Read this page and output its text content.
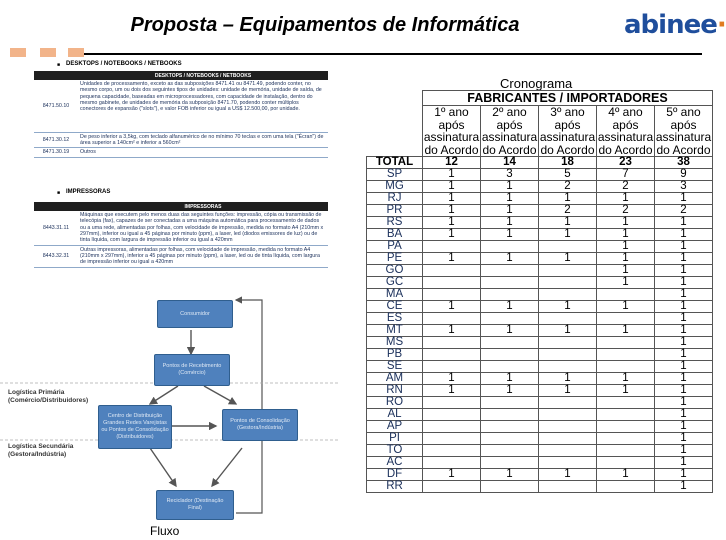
Proposta – Equipamentos de Informática	abinee·
■ DESKTOPS / NOTEBOOKS / NETBOOKS
	DESKTOPS / NOTEBOOKS / NETBOOKS
8471.50.10	Unidades de processamento, exceto as das subposições 8471.41 ou 8471.49, podendo conter, no mesmo corpo, um ou dois dos seguintes tipos de unidades: unidade de memória, unidade de saída, de pequena capacidade, baseadas em microprocessadores, com capacidade de instalação, dentro do mesmo gabinete, de unidades de memória da subposição 8471.70, podendo conter múltiplos conectores de expansão ("slots"), e valor FOB inferior ou igual a US$ 12.500,00, por unidade.
8471.30.12	De peso inferior a 3,5kg, com teclado alfanumérico de no mínimo 70 teclas e com uma tela ("Écran") de área superior a 140cm² e inferior a 560cm²
8471.30.19	Outros
■ IMPRESSORAS
	IMPRESSORAS
8443.31.11	Máquinas que executem pelo menos duas das seguintes funções: impressão, cópia ou transmissão de telecópia (fax), capazes de ser conectadas a uma máquina automática para processamento de dados ou a uma rede, alimentadas por folhas, com velocidade de impressão, medida no formato A4 (210mm x 297mm), inferior ou igual a 45 páginas por minuto (ppm), a laser, led (diodos emissores de luz) ou de tinta líquida, com largura de impressão inferior ou igual a 420mm
8443.32.31	Outras impressoras, alimentadas por folhas, com velocidade de impressão, medida no formato A4 (210mm x 297mm), inferior a 45 páginas por minuto (ppm), a laser, led ou de tinta líquida, com largura de impressão inferior ou igual a 420mm
Consumidor
Pontos de Recebimento (Comércio)
Centro de Distribuição Grandes Redes Varejistas ou Pontos de Consolidação (Distribuidores)
Pontos de Consolidação (Gestora/Indústria)
Reciclador (Destinação Final)
Logística Primária (Comércio/Distribuidores)
Logística Secundária (Gestora/Indústria)
Fluxo
Cronograma
	FABRICANTES / IMPORTADORES				
	1º ano
após
assinatura
do Acordo	2º ano
após
assinatura
do Acordo	3º ano
após
assinatura
do Acordo	4º ano
após
assinatura
do Acordo	5º ano
após
assinatura
do Acordo
TOTAL	12	14	18	23	38
SP	1	3	5	7	9
MG	1	1	2	2	3
RJ	1	1	1	1	1
PR	1	1	2	2	2
RS	1	1	1	1	1
BA	1	1	1	1	1
PA				1	1
PE	1	1	1	1	1
GO				1	1
GC				1	1
MA					1
CE	1	1	1	1	1
ES					1
MT	1	1	1	1	1
MS					1
PB					1
SE					1
AM	1	1	1	1	1
RN	1	1	1	1	1
RO					1
AL					1
AP					1
PI					1
TO					1
AC					1
DF	1	1	1	1	1
RR					1
